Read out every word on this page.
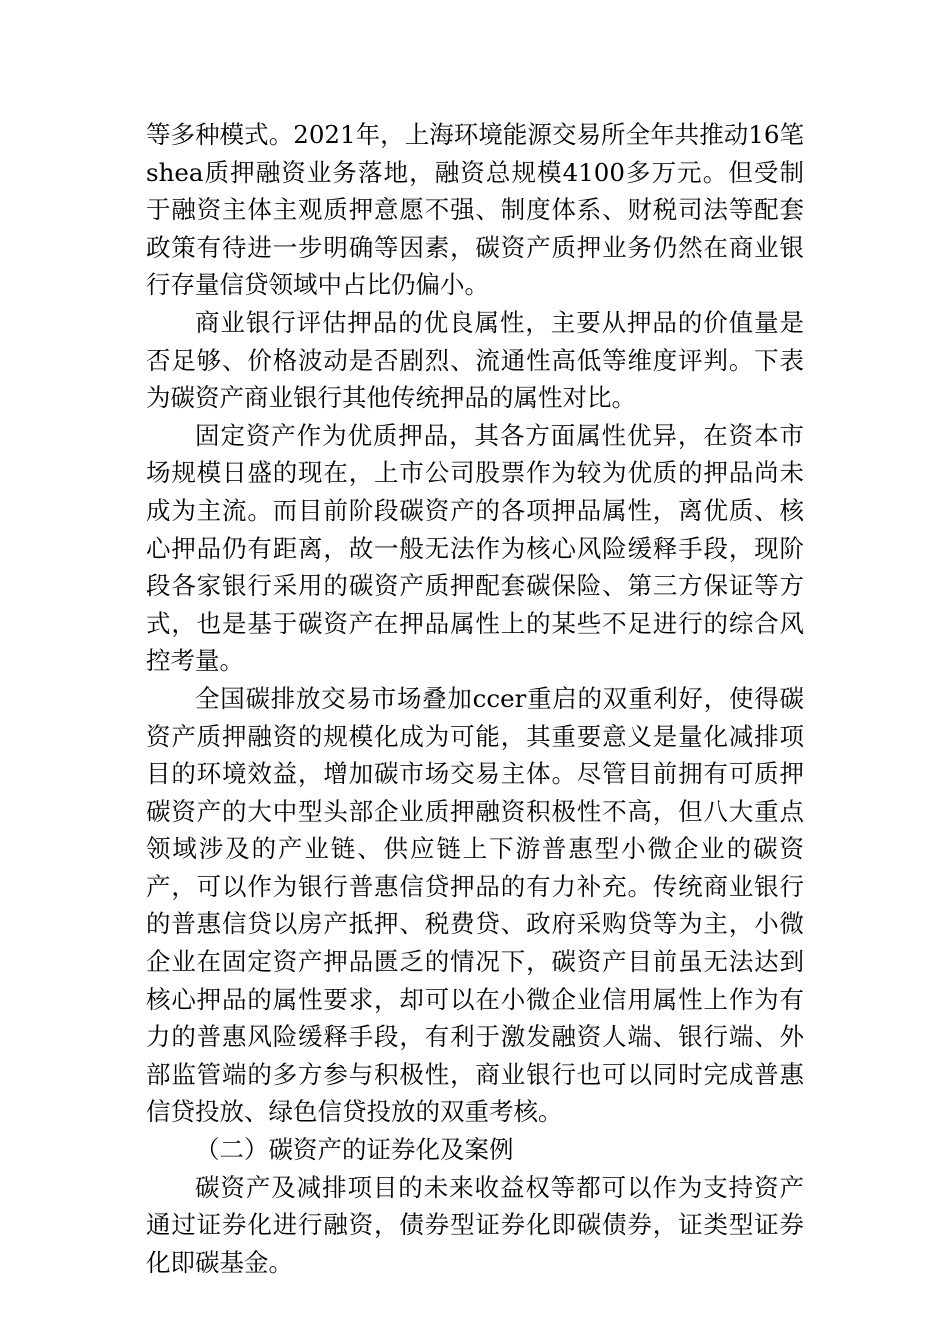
等多种模式。2021年，上海环境能源交易所全年共推动16笔shea质押融资业务落地，融资总规模4100多万元。但受制于融资主体主观质押意愿不强、制度体系、财税司法等配套政策有待进一步明确等因素，碳资产质押业务仍然在商业银行存量信贷领域中占比仍偏小。

商业银行评估押品的优良属性，主要从押品的价值量是否足够、价格波动是否剧烈、流通性高低等维度评判。下表为碳资产商业银行其他传统押品的属性对比。

固定资产作为优质押品，其各方面属性优异，在资本市场规模日盛的现在，上市公司股票作为较为优质的押品尚未成为主流。而目前阶段碳资产的各项押品属性，离优质、核心押品仍有距离，故一般无法作为核心风险缓释手段，现阶段各家银行采用的碳资产质押配套碳保险、第三方保证等方式，也是基于碳资产在押品属性上的某些不足进行的综合风控考量。

全国碳排放交易市场叠加ccer重启的双重利好，使得碳资产质押融资的规模化成为可能，其重要意义是量化减排项目的环境效益，增加碳市场交易主体。尽管目前拥有可质押碳资产的大中型头部企业质押融资积极性不高，但八大重点领域涉及的产业链、供应链上下游普惠型小微企业的碳资产，可以作为银行普惠信贷押品的有力补充。传统商业银行的普惠信贷以房产抵押、税费贷、政府采购贷等为主，小微企业在固定资产押品匮乏的情况下，碳资产目前虽无法达到核心押品的属性要求，却可以在小微企业信用属性上作为有力的普惠风险缓释手段，有利于激发融资人端、银行端、外部监管端的多方参与积极性，商业银行也可以同时完成普惠信贷投放、绿色信贷投放的双重考核。

（二）碳资产的证券化及案例

碳资产及减排项目的未来收益权等都可以作为支持资产通过证券化进行融资，债券型证券化即碳债券，证类型证券化即碳基金。
